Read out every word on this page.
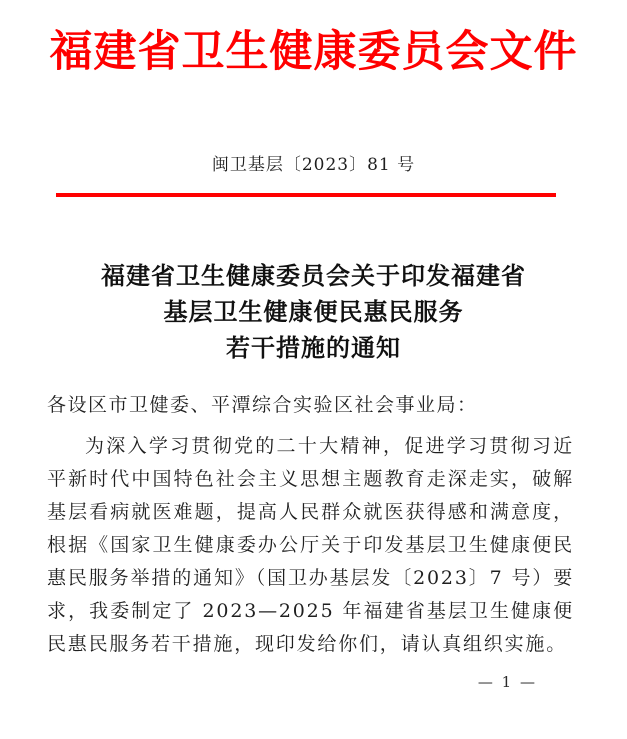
福建省卫生健康委员会文件
闽卫基层〔2023〕81 号
福建省卫生健康委员会关于印发福建省
基层卫生健康便民惠民服务
若干措施的通知
各设区市卫健委、平潭综合实验区社会事业局：

为深入学习贯彻党的二十大精神，促进学习贯彻习近平新时代中国特色社会主义思想主题教育走深走实，破解基层看病就医难题，提高人民群众就医获得感和满意度，根据《国家卫生健康委办公厅关于印发基层卫生健康便民惠民服务举措的通知》（国卫办基层发〔2023〕7 号）要求，我委制定了 2023—2025 年福建省基层卫生健康便民惠民服务若干措施，现印发给你们，请认真组织实施。

— 1 —
